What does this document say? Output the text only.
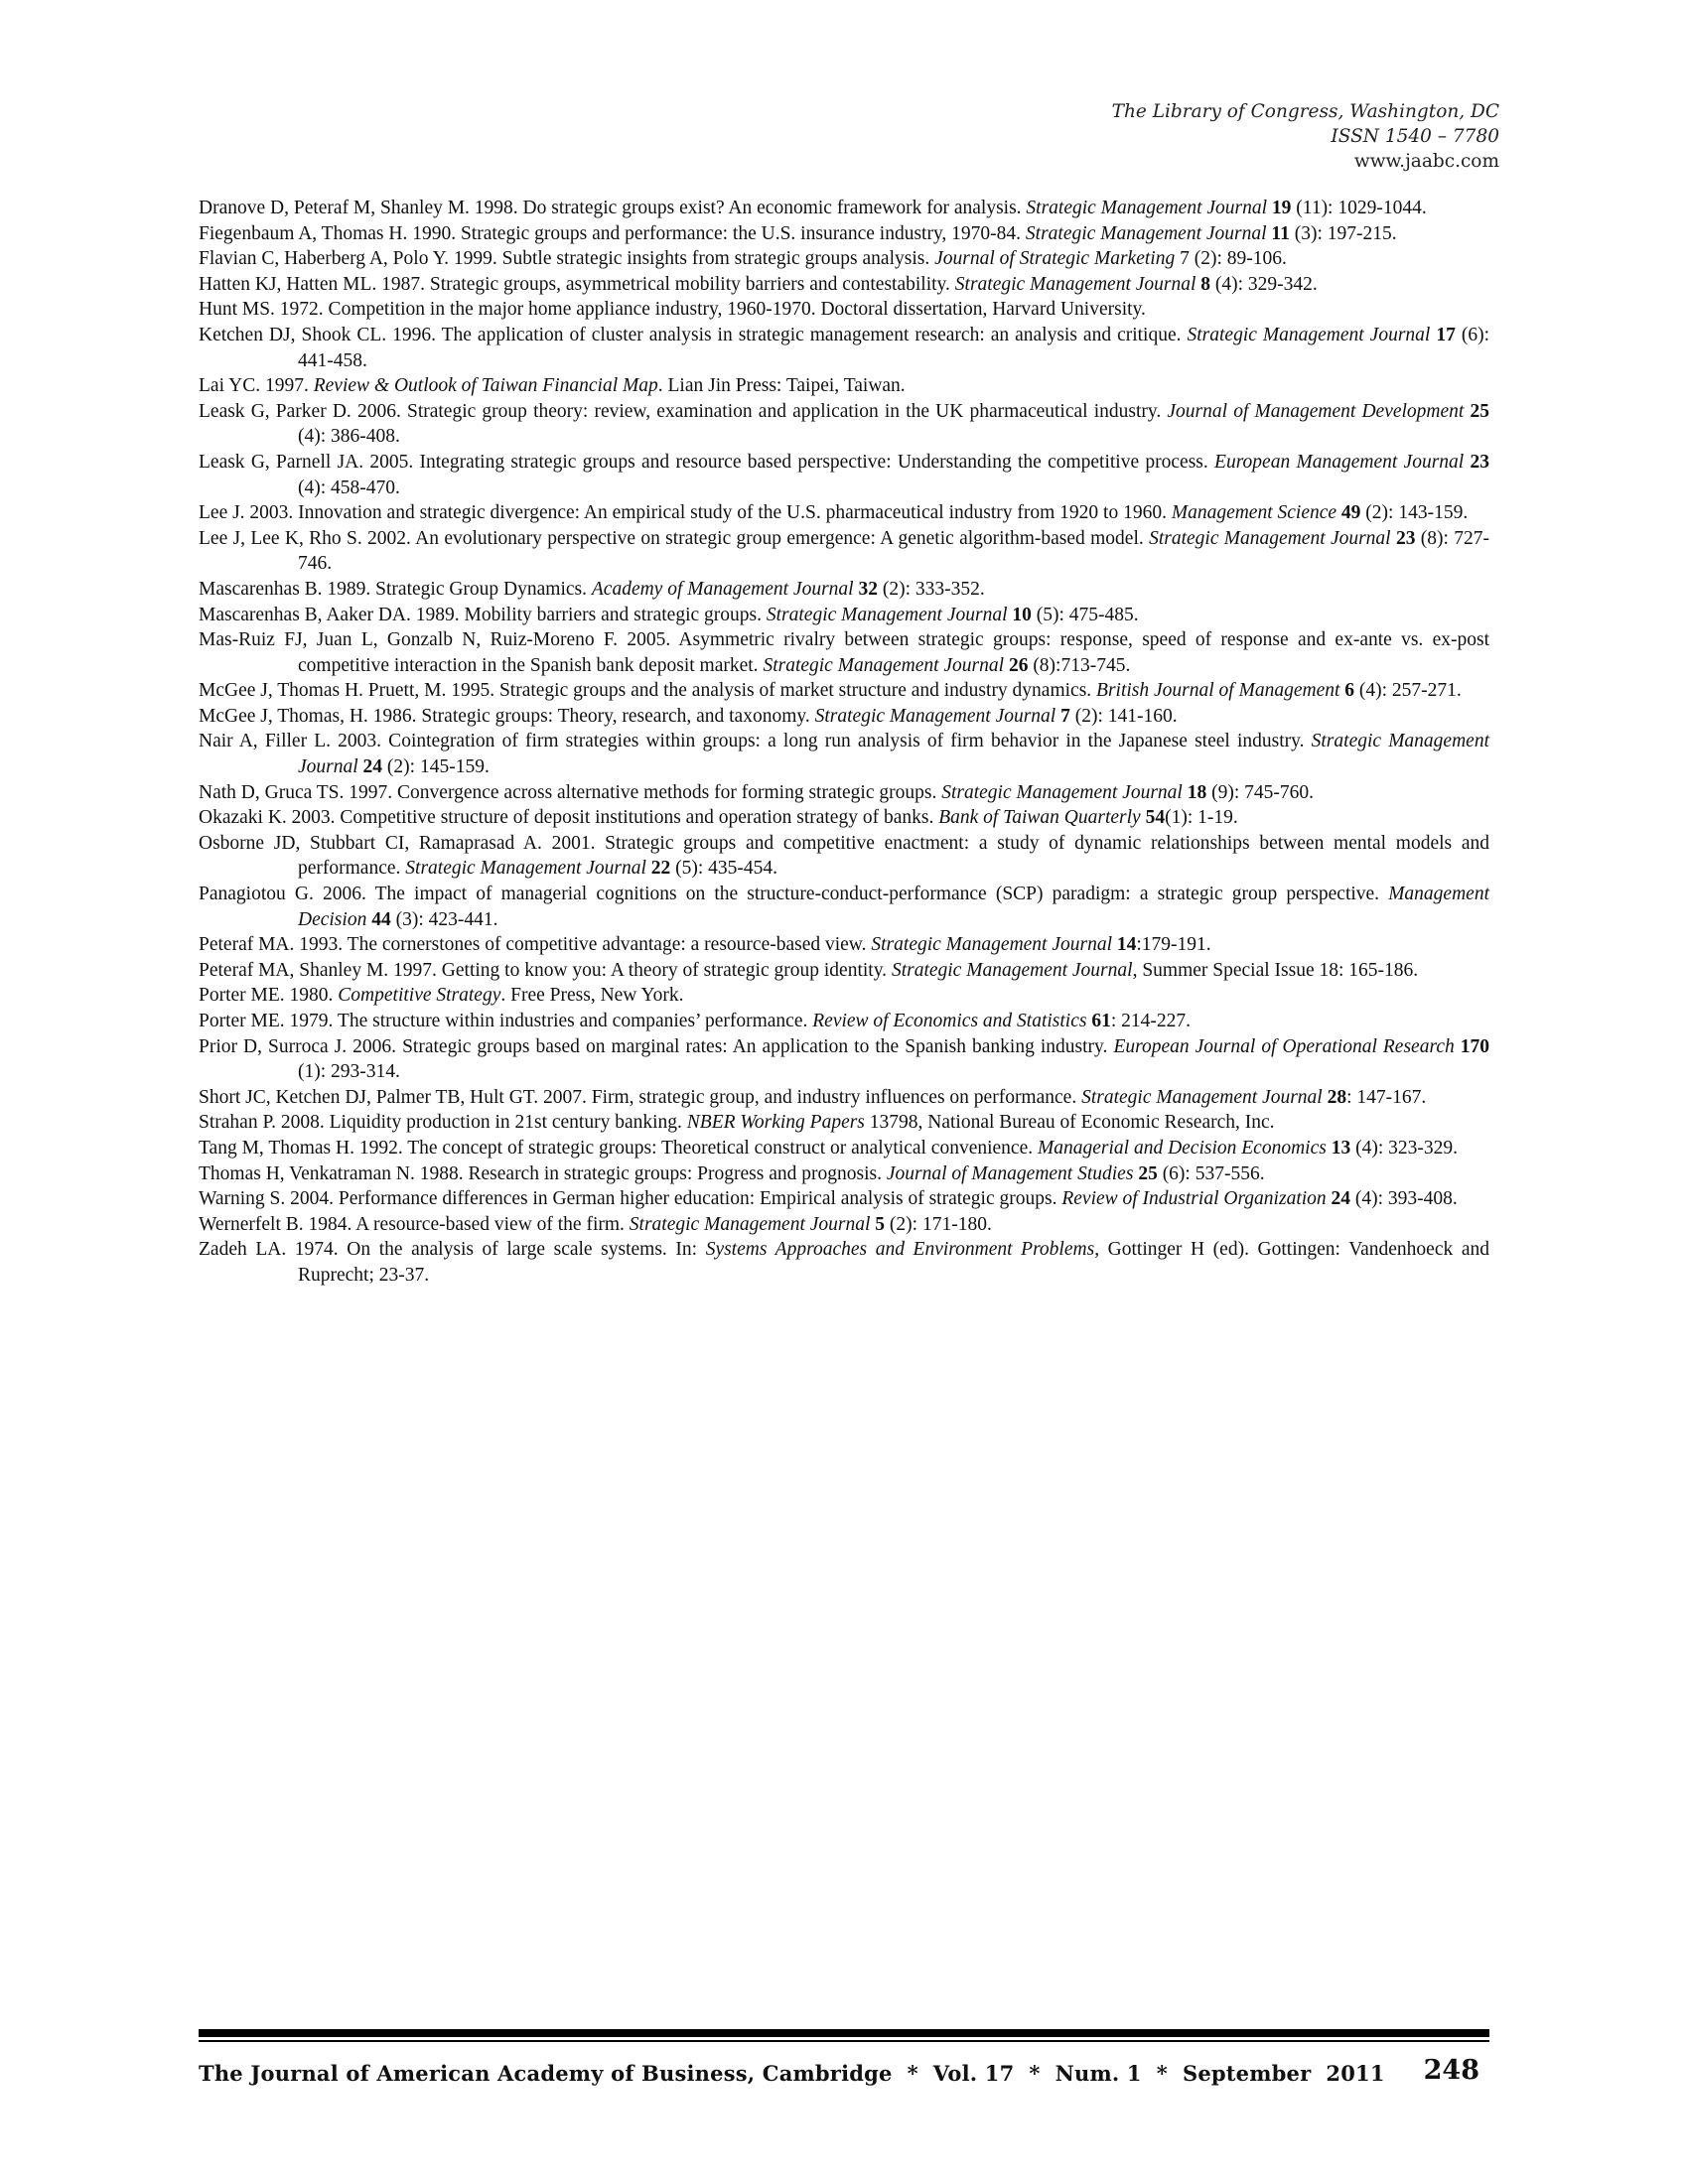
The Library of Congress, Washington, DC
ISSN 1540 – 7780
www.jaabc.com

Dranove D, Peteraf M, Shanley M. 1998. Do strategic groups exist? An economic framework for analysis. Strategic Management Journal 19 (11): 1029-1044.

Fiegenbaum A, Thomas H. 1990. Strategic groups and performance: the U.S. insurance industry, 1970-84. Strategic Management Journal 11 (3): 197-215.

Flavian C, Haberberg A, Polo Y. 1999. Subtle strategic insights from strategic groups analysis. Journal of Strategic Marketing 7 (2): 89-106.

Hatten KJ, Hatten ML. 1987. Strategic groups, asymmetrical mobility barriers and contestability. Strategic Management Journal 8 (4): 329-342.

Hunt MS. 1972. Competition in the major home appliance industry, 1960-1970. Doctoral dissertation, Harvard University.

Ketchen DJ, Shook CL. 1996. The application of cluster analysis in strategic management research: an analysis and critique. Strategic Management Journal 17 (6): 441-458.

Lai YC. 1997. Review & Outlook of Taiwan Financial Map. Lian Jin Press: Taipei, Taiwan.

Leask G, Parker D. 2006. Strategic group theory: review, examination and application in the UK pharmaceutical industry. Journal of Management Development 25 (4): 386-408.

Leask G, Parnell JA. 2005. Integrating strategic groups and resource based perspective: Understanding the competitive process. European Management Journal 23 (4): 458-470.

Lee J. 2003. Innovation and strategic divergence: An empirical study of the U.S. pharmaceutical industry from 1920 to 1960. Management Science 49 (2): 143-159.

Lee J, Lee K, Rho S. 2002. An evolutionary perspective on strategic group emergence: A genetic algorithm-based model. Strategic Management Journal 23 (8): 727-746.

Mascarenhas B. 1989. Strategic Group Dynamics. Academy of Management Journal 32 (2): 333-352.

Mascarenhas B, Aaker DA. 1989. Mobility barriers and strategic groups. Strategic Management Journal 10 (5): 475-485.

Mas-Ruiz FJ, Juan L, Gonzalb N, Ruiz-Moreno F. 2005. Asymmetric rivalry between strategic groups: response, speed of response and ex-ante vs. ex-post competitive interaction in the Spanish bank deposit market. Strategic Management Journal 26 (8):713-745.

McGee J, Thomas H. Pruett, M. 1995. Strategic groups and the analysis of market structure and industry dynamics. British Journal of Management 6 (4): 257-271.

McGee J, Thomas, H. 1986. Strategic groups: Theory, research, and taxonomy. Strategic Management Journal 7 (2): 141-160.

Nair A, Filler L. 2003. Cointegration of firm strategies within groups: a long run analysis of firm behavior in the Japanese steel industry. Strategic Management Journal 24 (2): 145-159.

Nath D, Gruca TS. 1997. Convergence across alternative methods for forming strategic groups. Strategic Management Journal 18 (9): 745-760.

Okazaki K. 2003. Competitive structure of deposit institutions and operation strategy of banks. Bank of Taiwan Quarterly 54(1): 1-19.

Osborne JD, Stubbart CI, Ramaprasad A. 2001. Strategic groups and competitive enactment: a study of dynamic relationships between mental models and performance. Strategic Management Journal 22 (5): 435-454.

Panagiotou G. 2006. The impact of managerial cognitions on the structure-conduct-performance (SCP) paradigm: a strategic group perspective. Management Decision 44 (3): 423-441.

Peteraf MA. 1993. The cornerstones of competitive advantage: a resource-based view. Strategic Management Journal 14:179-191.

Peteraf MA, Shanley M. 1997. Getting to know you: A theory of strategic group identity. Strategic Management Journal, Summer Special Issue 18: 165-186.

Porter ME. 1980. Competitive Strategy. Free Press, New York.

Porter ME. 1979. The structure within industries and companies’ performance. Review of Economics and Statistics 61: 214-227.

Prior D, Surroca J. 2006. Strategic groups based on marginal rates: An application to the Spanish banking industry. European Journal of Operational Research 170 (1): 293-314.

Short JC, Ketchen DJ, Palmer TB, Hult GT. 2007. Firm, strategic group, and industry influences on performance. Strategic Management Journal 28: 147-167.

Strahan P. 2008. Liquidity production in 21st century banking. NBER Working Papers 13798, National Bureau of Economic Research, Inc.

Tang M, Thomas H. 1992. The concept of strategic groups: Theoretical construct or analytical convenience. Managerial and Decision Economics 13 (4): 323-329.

Thomas H, Venkatraman N. 1988. Research in strategic groups: Progress and prognosis. Journal of Management Studies 25 (6): 537-556.

Warning S. 2004. Performance differences in German higher education: Empirical analysis of strategic groups. Review of Industrial Organization 24 (4): 393-408.

Wernerfelt B. 1984. A resource-based view of the firm. Strategic Management Journal 5 (2): 171-180.

Zadeh LA. 1974. On the analysis of large scale systems. In: Systems Approaches and Environment Problems, Gottinger H (ed). Gottingen: Vandenhoeck and Ruprecht; 23-37.

The Journal of American Academy of Business, Cambridge  *  Vol. 17  *  Num. 1  *  September  2011 248
